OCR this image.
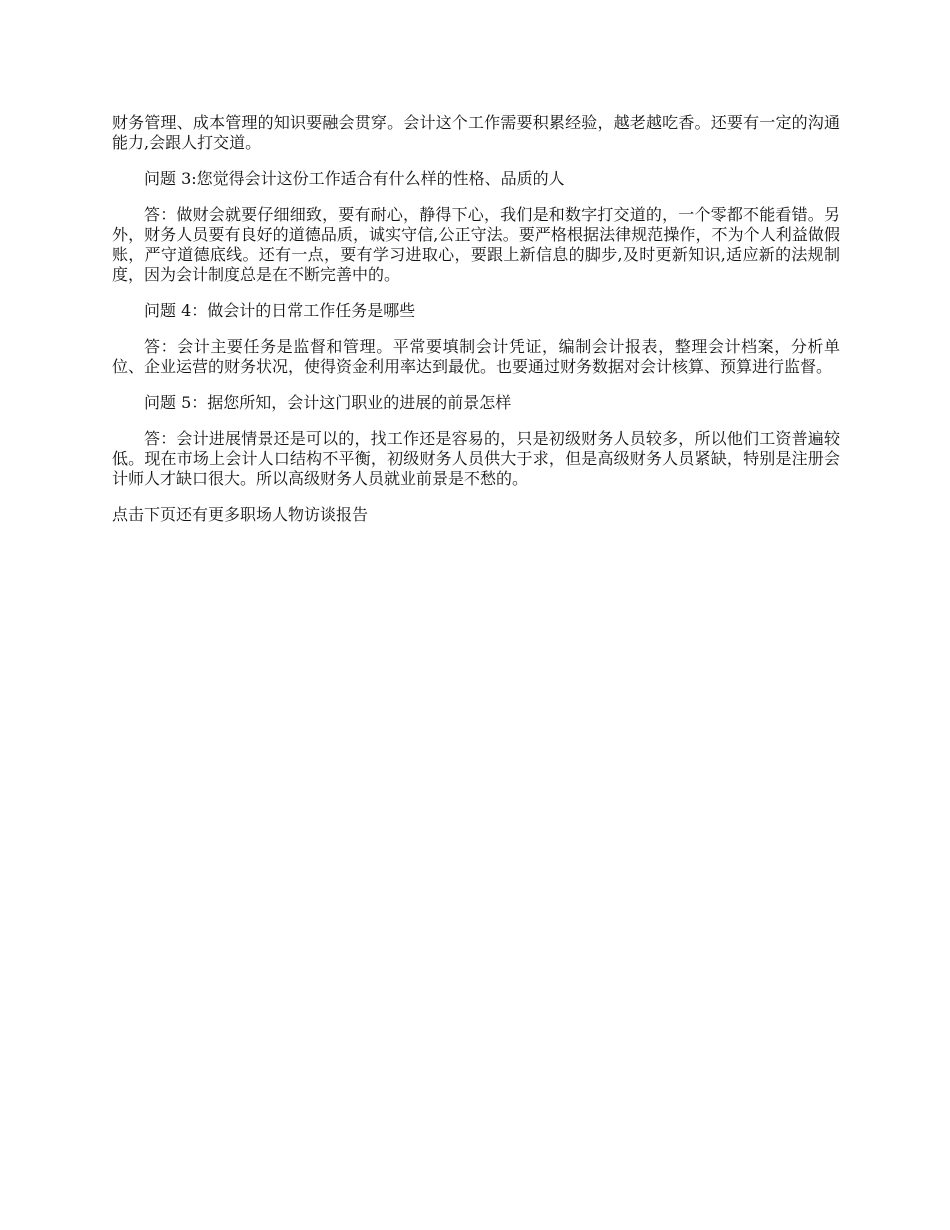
财务管理、成本管理的知识要融会贯穿。会计这个工作需要积累经验，越老越吃香。还要有一定的沟通能力,会跟人打交道。

问题 3:您觉得会计这份工作适合有什么样的性格、品质的人

答：做财会就要仔细细致，要有耐心，静得下心，我们是和数字打交道的，一个零都不能看错。另外，财务人员要有良好的道德品质，诚实守信,公正守法。要严格根据法律规范操作，不为个人利益做假账，严守道德底线。还有一点，要有学习进取心，要跟上新信息的脚步,及时更新知识,适应新的法规制度，因为会计制度总是在不断完善中的。

问题 4：做会计的日常工作任务是哪些

答：会计主要任务是监督和管理。平常要填制会计凭证，编制会计报表，整理会计档案，分析单位、企业运营的财务状况，使得资金利用率达到最优。也要通过财务数据对会计核算、预算进行监督。

问题 5：据您所知，会计这门职业的进展的前景怎样

答：会计进展情景还是可以的，找工作还是容易的，只是初级财务人员较多，所以他们工资普遍较低。现在市场上会计人口结构不平衡，初级财务人员供大于求，但是高级财务人员紧缺，特别是注册会计师人才缺口很大。所以高级财务人员就业前景是不愁的。

点击下页还有更多职场人物访谈报告
